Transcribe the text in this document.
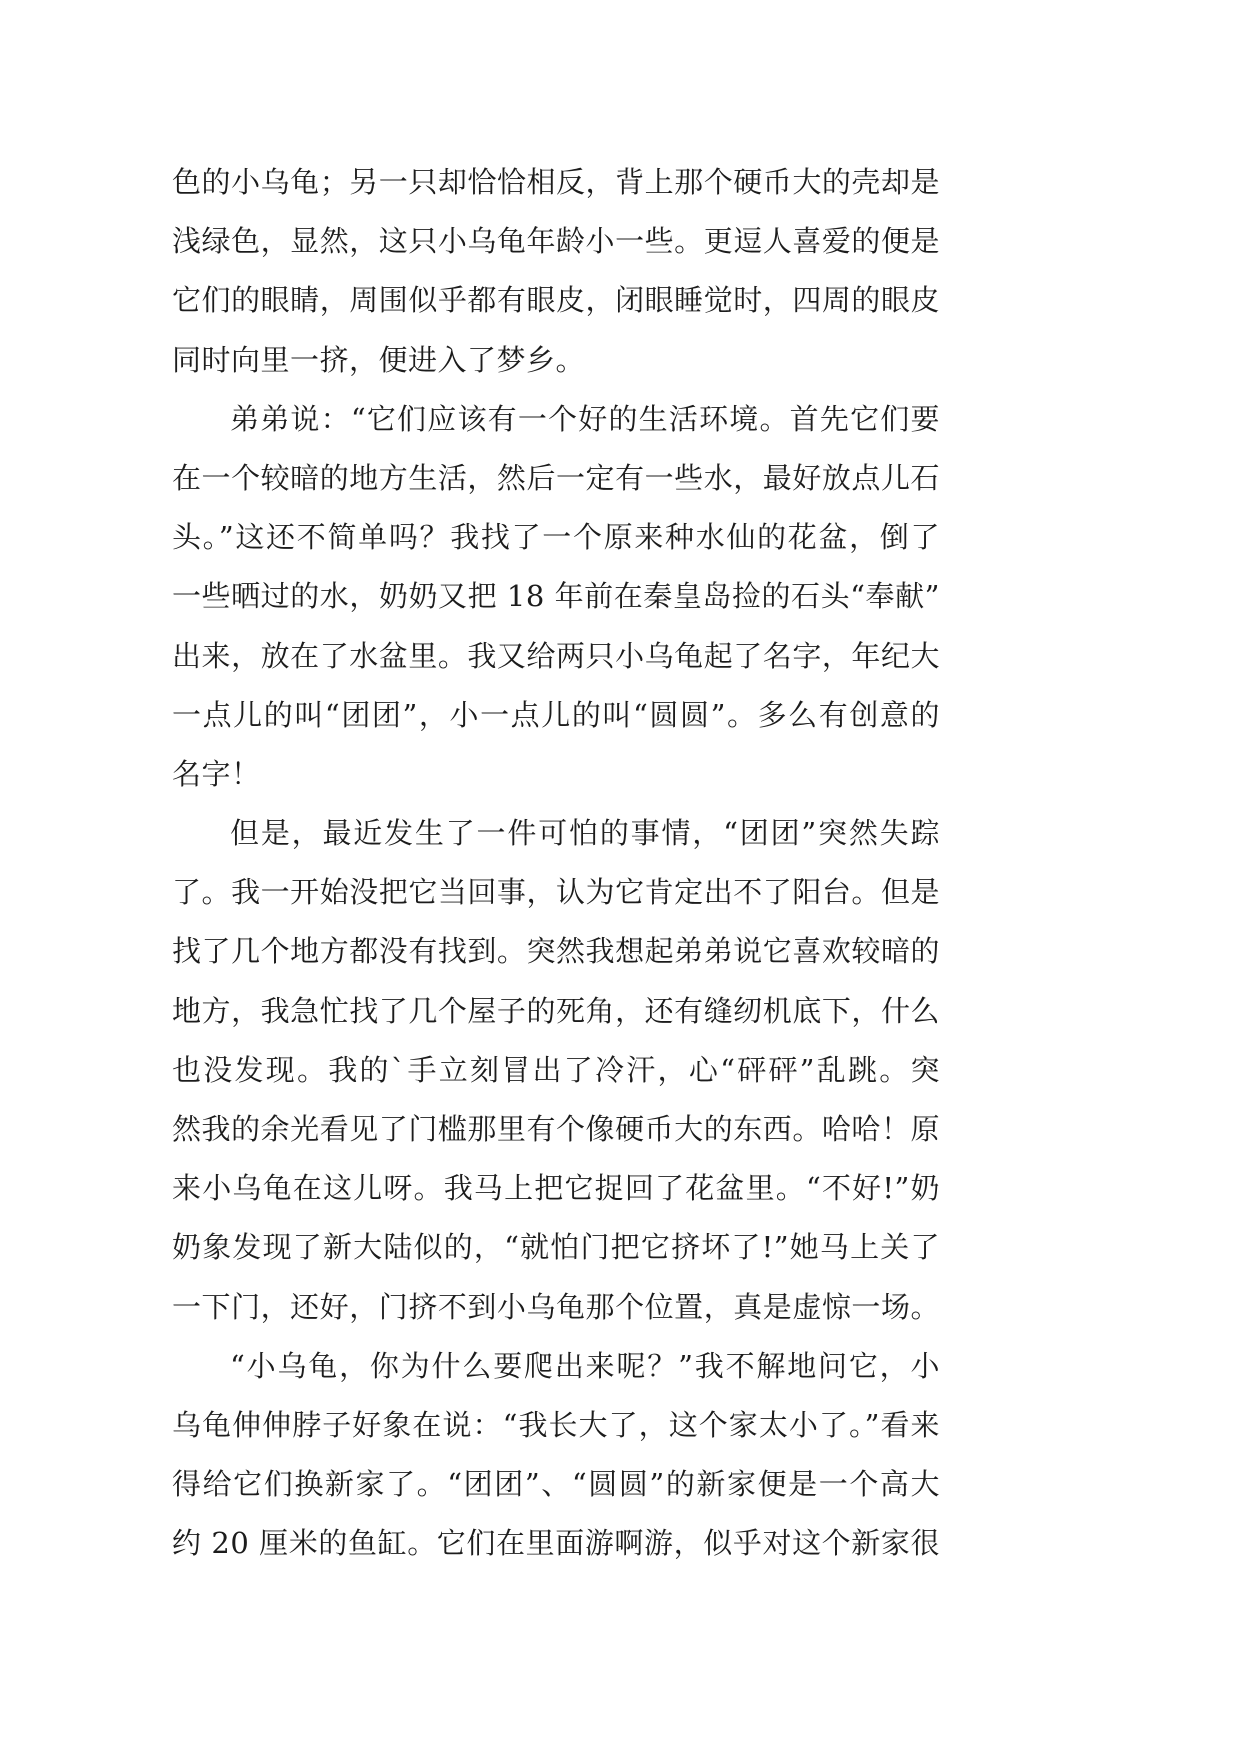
色的小乌龟；另一只却恰恰相反，背上那个硬币大的壳却是
浅绿色，显然，这只小乌龟年龄小一些。更逗人喜爱的便是
它们的眼睛，周围似乎都有眼皮，闭眼睡觉时，四周的眼皮
同时向里一挤，便进入了梦乡。
弟弟说：“它们应该有一个好的生活环境。首先它们要
在一个较暗的地方生活，然后一定有一些水，最好放点儿石
头。”这还不简单吗？我找了一个原来种水仙的花盆，倒了
一些晒过的水，奶奶又把 18 年前在秦皇岛捡的石头“奉献”
出来，放在了水盆里。我又给两只小乌龟起了名字，年纪大
一点儿的叫“团团”，小一点儿的叫“圆圆”。多么有创意的
名字！
但是，最近发生了一件可怕的事情，“团团”突然失踪
了。我一开始没把它当回事，认为它肯定出不了阳台。但是
找了几个地方都没有找到。突然我想起弟弟说它喜欢较暗的
地方，我急忙找了几个屋子的死角，还有缝纫机底下，什么
也没发现。我的`手立刻冒出了冷汗，心“砰砰”乱跳。突
然我的余光看见了门槛那里有个像硬币大的东西。哈哈！原
来小乌龟在这儿呀。我马上把它捉回了花盆里。“不好!”奶
奶象发现了新大陆似的，“就怕门把它挤坏了!”她马上关了
一下门，还好，门挤不到小乌龟那个位置，真是虚惊一场。
“小乌龟，你为什么要爬出来呢？”我不解地问它，小
乌龟伸伸脖子好象在说：“我长大了，这个家太小了。”看来
得给它们换新家了。“团团”、“圆圆”的新家便是一个高大
约 20 厘米的鱼缸。它们在里面游啊游，似乎对这个新家很
